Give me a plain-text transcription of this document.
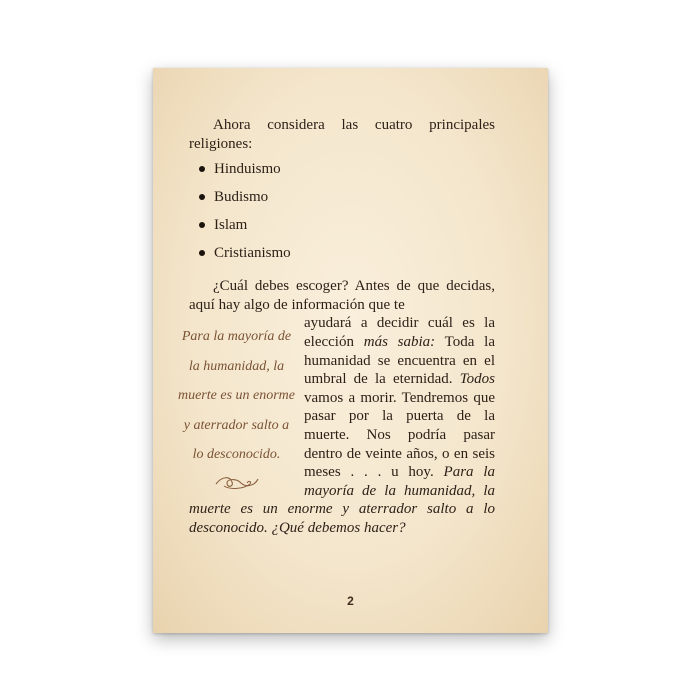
Ahora considera las cuatro principales religiones:

Hinduismo
Budismo
Islam
Cristianismo

¿Cuál debes escoger? Antes de que decidas, aquí hay algo de información que te

Para la mayoría de la humanidad, la muerte es un enorme y aterrador salto a lo desconocido.

ayudará a decidir cuál es la elección más sabia: Toda la humanidad se encuentra en el umbral de la eternidad. Todos vamos a morir. Tendremos que pasar por la puerta de la muerte. Nos podría pasar dentro de veinte años, o en seis meses . . . u hoy. Para la mayoría de la humanidad, la muerte es un enorme y aterrador salto a lo desconocido. ¿Qué debemos hacer?

2
